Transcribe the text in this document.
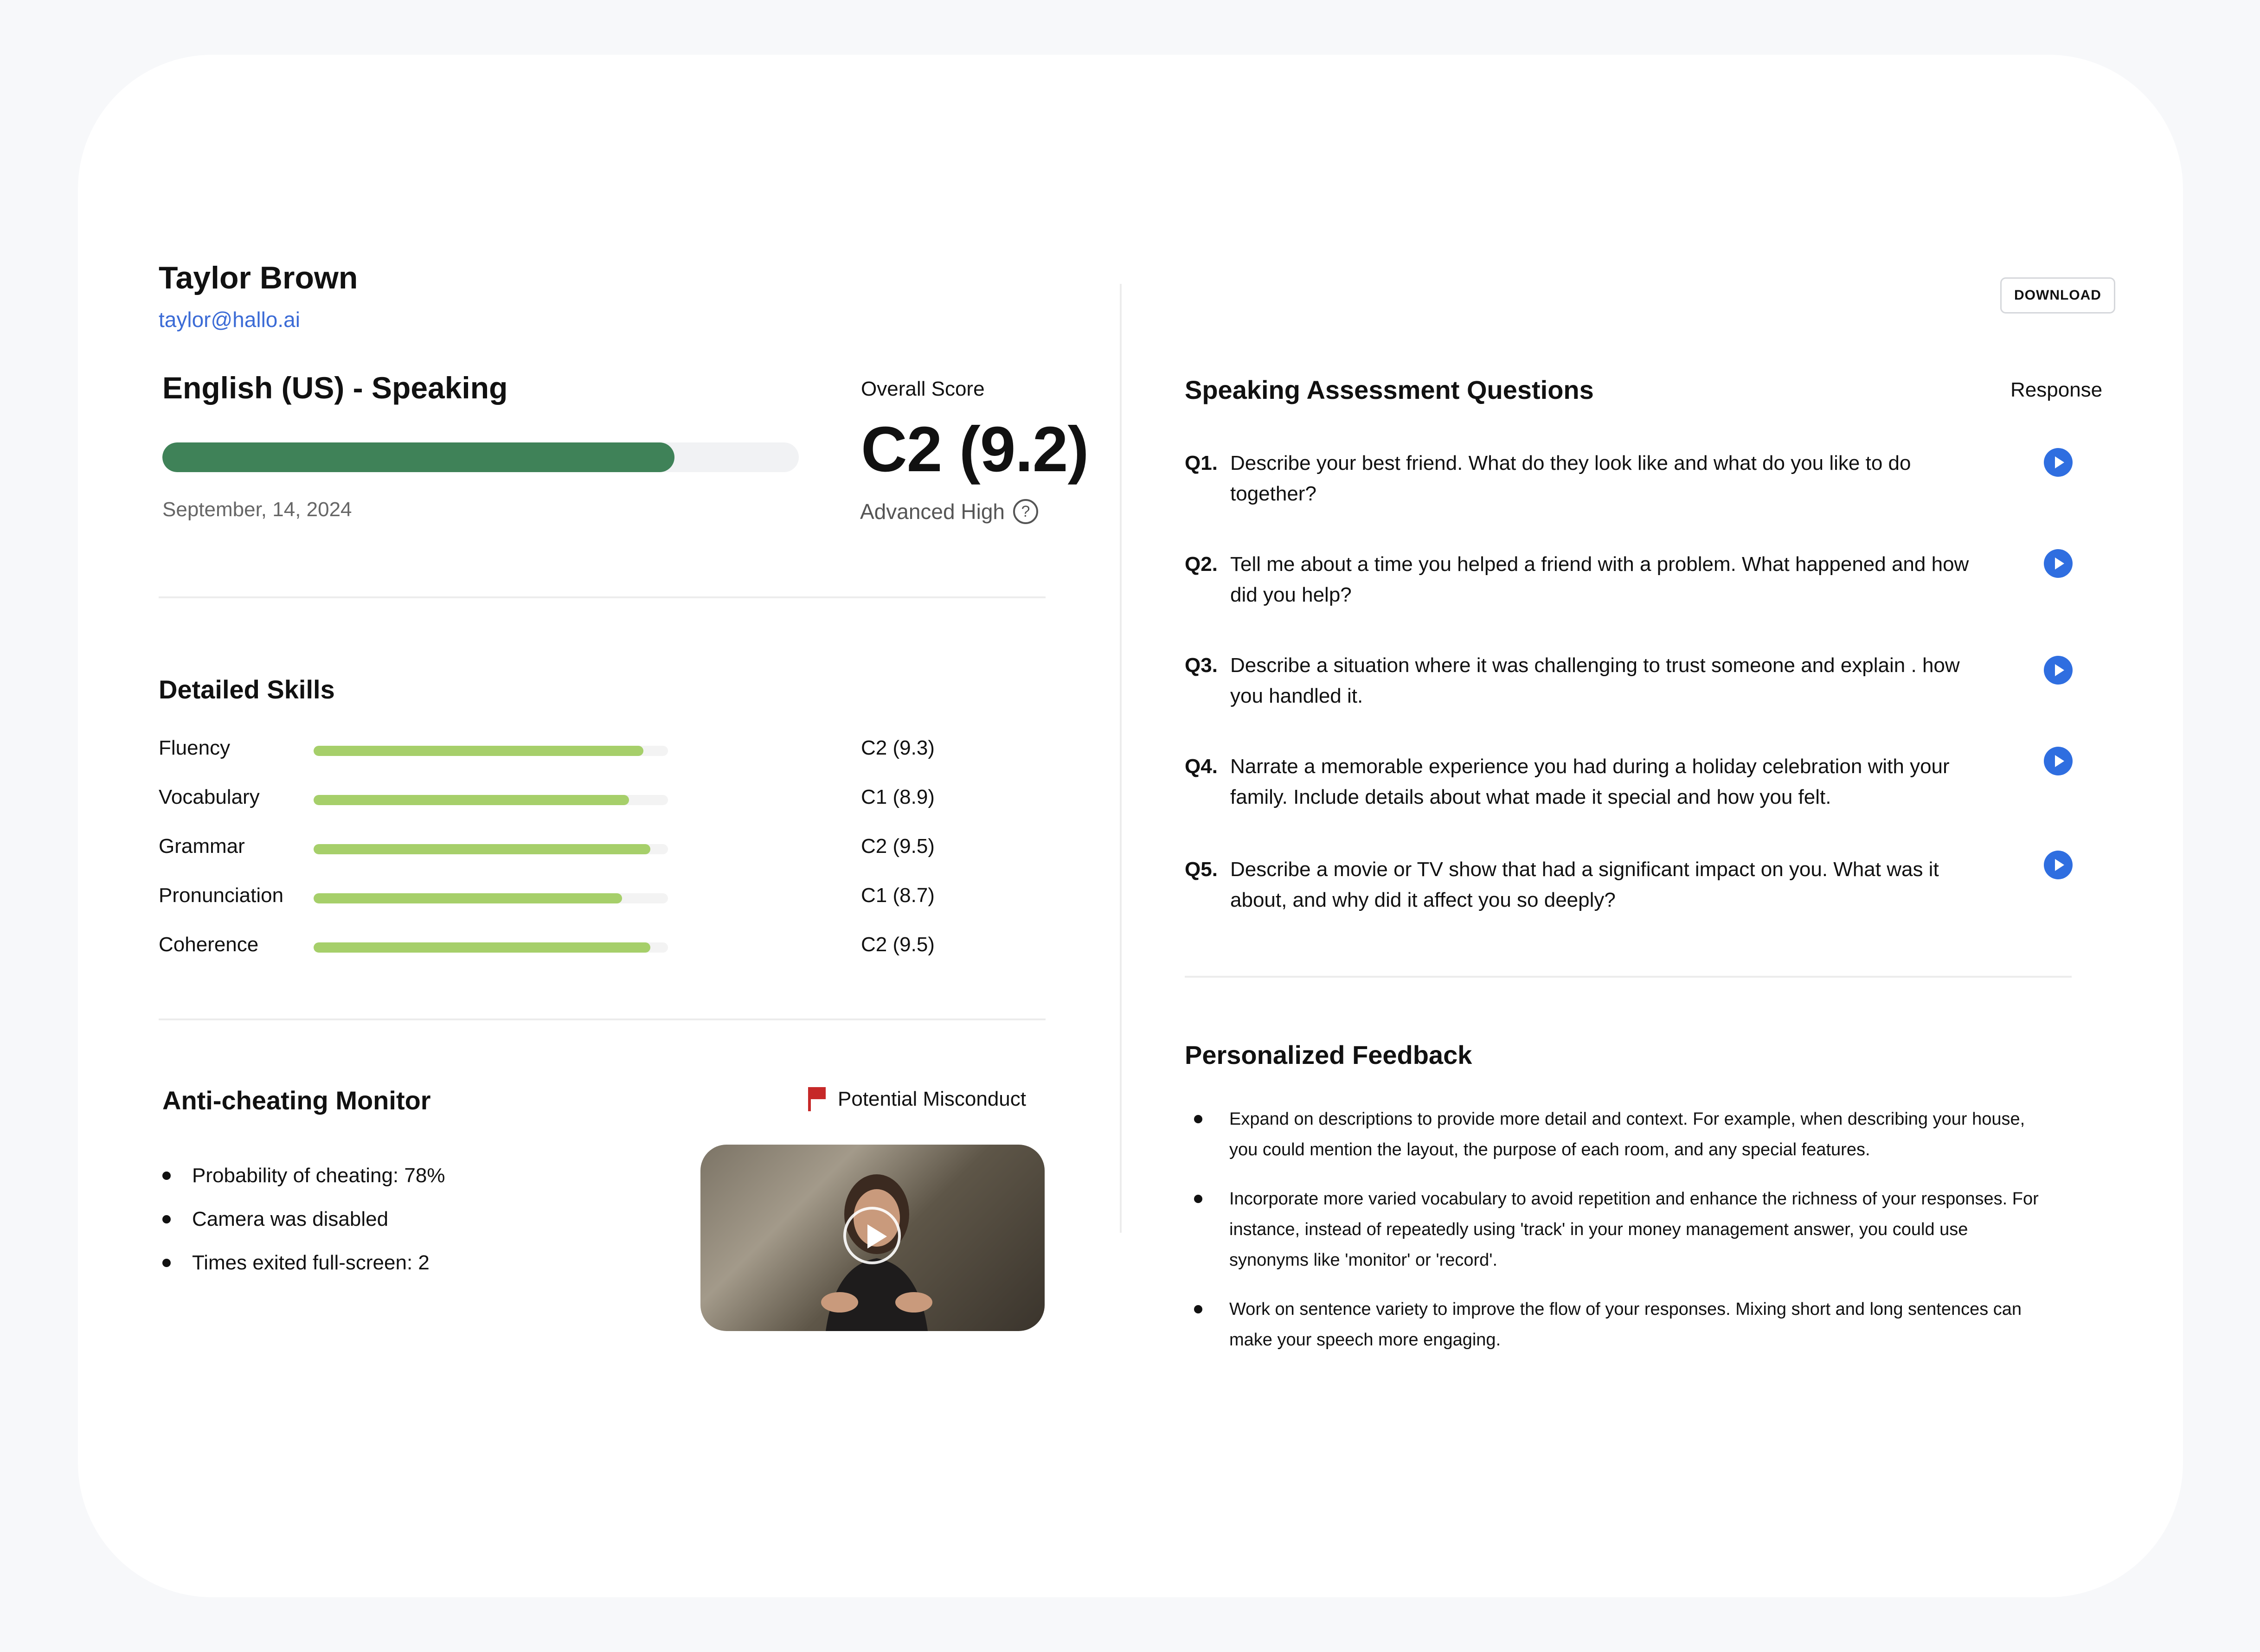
Taylor Brown
taylor@hallo.ai
English (US) - Speaking
September, 14, 2024
Overall Score
C2 (9.2)
Advanced High	?
Detailed Skills
Fluency	C2 (9.3)
Vocabulary	C1 (8.9)
Grammar	C2 (9.5)
Pronunciation	C1 (8.7)
Coherence	C2 (9.5)
Anti-cheating Monitor	Potential Misconduct
Probability of cheating: 78%
Camera was disabled
Times exited full-screen: 2
DOWNLOAD
Speaking Assessment Questions	Response
Q1. Describe your best friend. What do they look like and what do you like to do together?
Q2. Tell me about a time you helped a friend with a problem. What happened and how did you help?
Q3. Describe a situation where it was challenging to trust someone and explain . how you handled it.
Q4. Narrate a memorable experience you had during a holiday celebration with your family. Include details about what made it special and how you felt.
Q5. Describe a movie or TV show that had a significant impact on you. What was it about, and why did it affect you so deeply?
Personalized Feedback
Expand on descriptions to provide more detail and context. For example, when describing your house, you could mention the layout, the purpose of each room, and any special features.
Incorporate more varied vocabulary to avoid repetition and enhance the richness of your responses. For instance, instead of repeatedly using 'track' in your money management answer, you could use synonyms like 'monitor' or 'record'.
Work on sentence variety to improve the flow of your responses. Mixing short and long sentences can make your speech more engaging.
